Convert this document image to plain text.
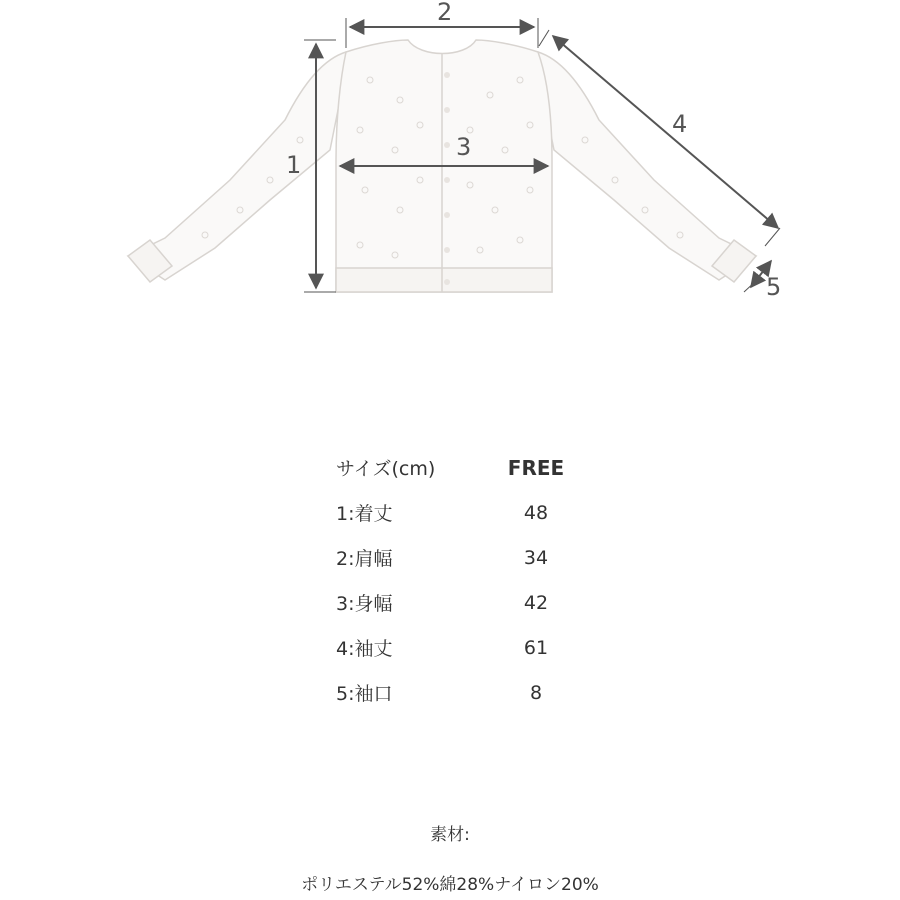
1
2
3
4
5
サイズ(cm)	FREE
1:着丈	48
2:肩幅	34
3:身幅	42
4:袖丈	61
5:袖口	8
素材:
ポリエステル52%綿28%ナイロン20%
